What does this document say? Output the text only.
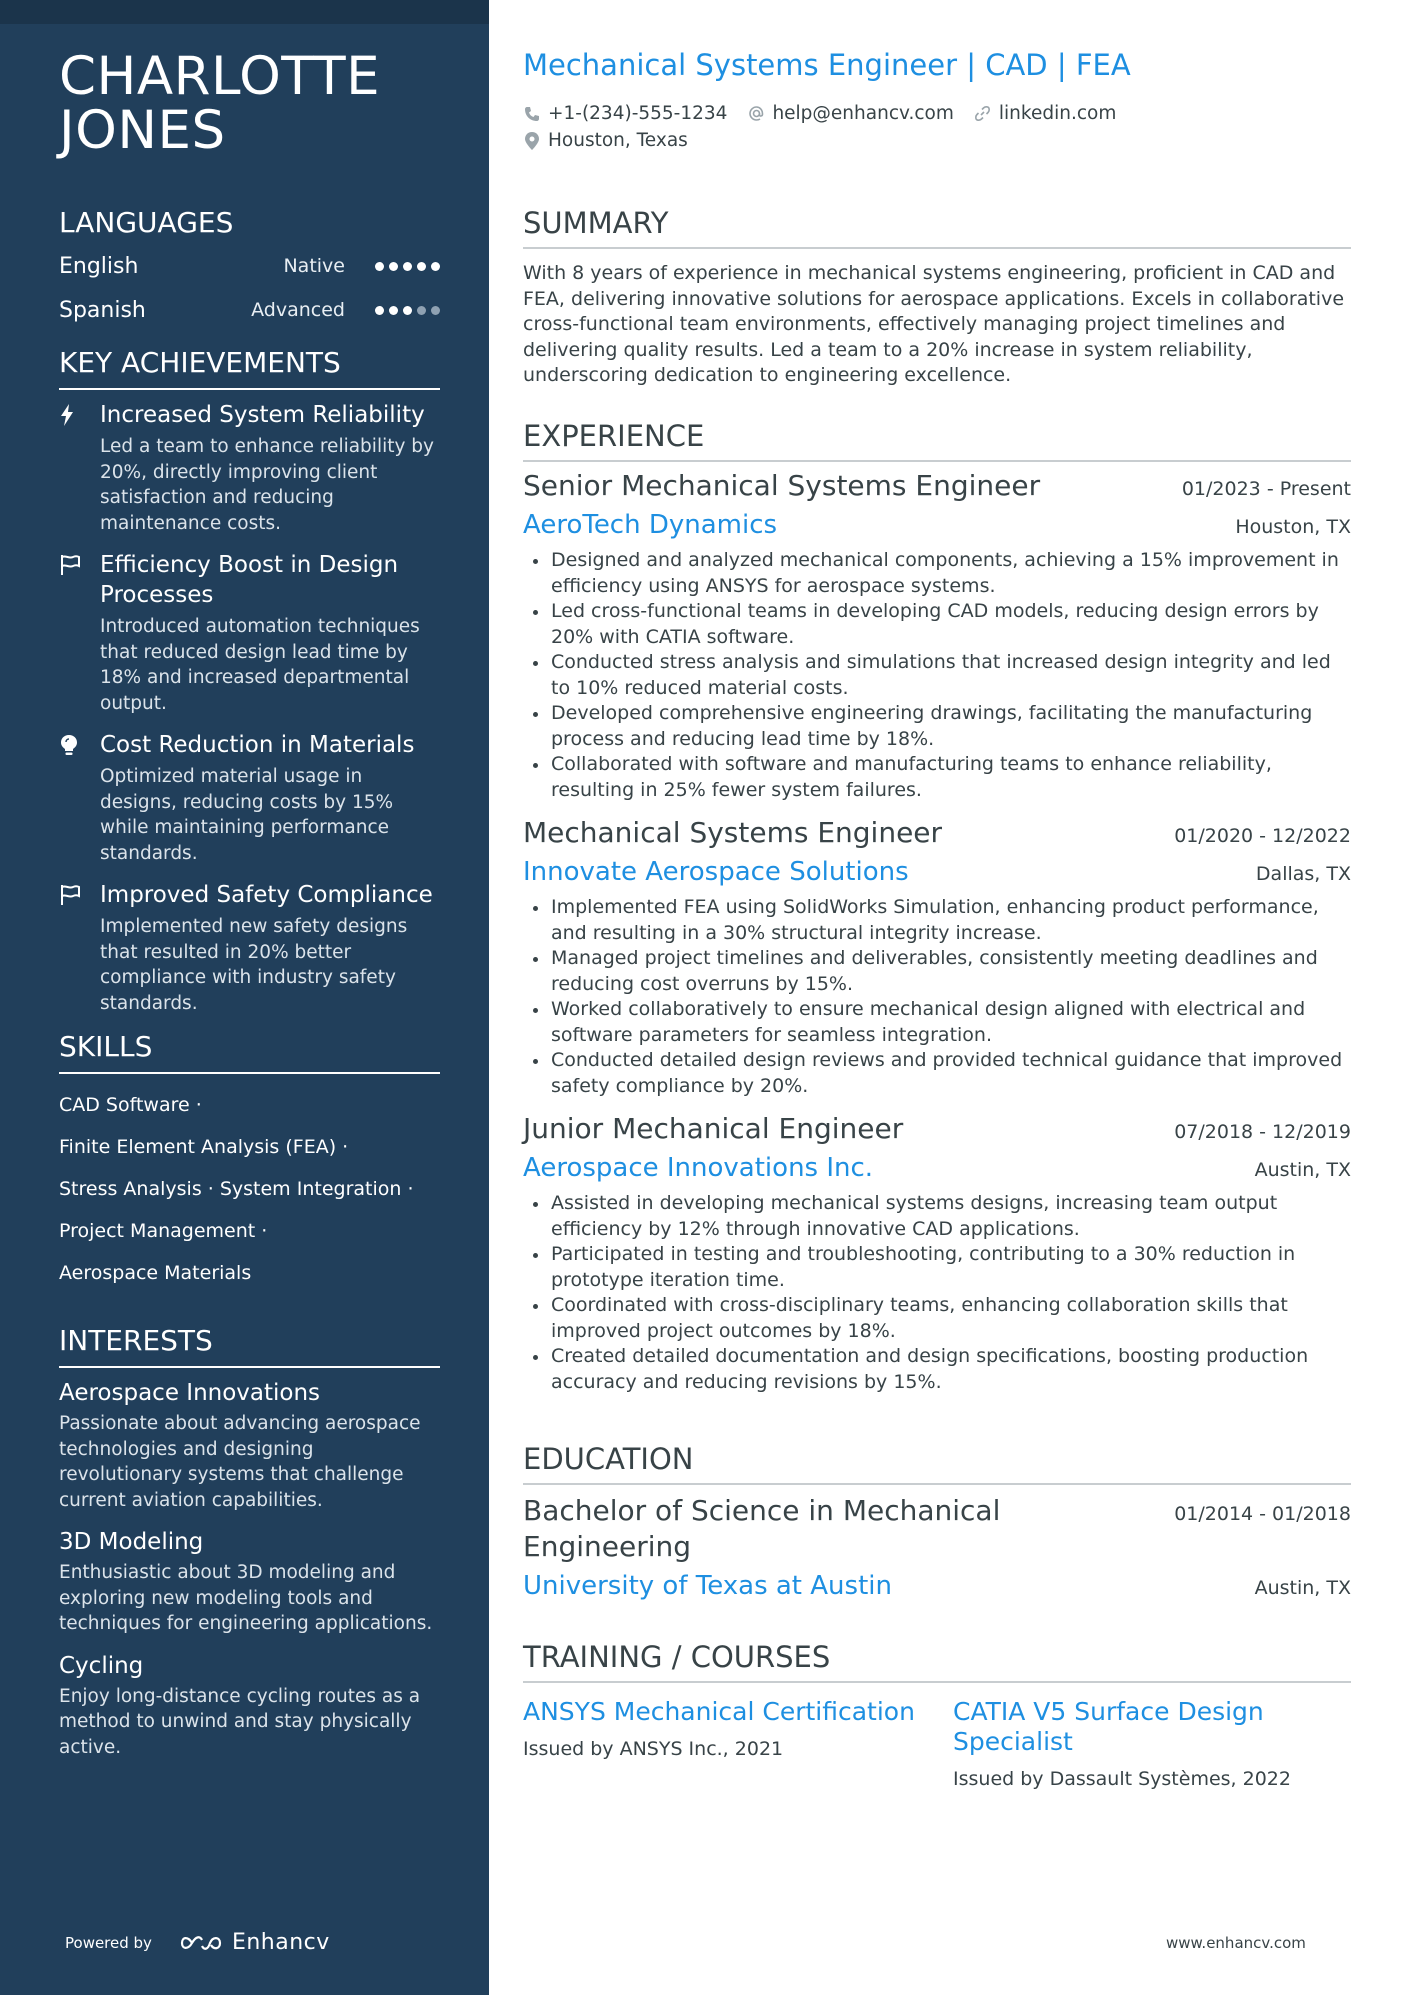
CHARLOTTE
JONES
LANGUAGES
English	Native
Spanish	Advanced
KEY ACHIEVEMENTS
Increased System Reliability
Led a team to enhance reliability by 20%, directly improving client satisfaction and reducing maintenance costs.
Efficiency Boost in Design Processes
Introduced automation techniques that reduced design lead time by 18% and increased departmental output.
Cost Reduction in Materials
Optimized material usage in designs, reducing costs by 15% while maintaining performance standards.
Improved Safety Compliance
Implemented new safety designs that resulted in 20% better compliance with industry safety standards.
SKILLS
CAD Software ·
Finite Element Analysis (FEA) ·
Stress Analysis · System Integration ·
Project Management ·
Aerospace Materials
INTERESTS
Aerospace Innovations
Passionate about advancing aerospace technologies and designing revolutionary systems that challenge current aviation capabilities.
3D Modeling
Enthusiastic about 3D modeling and exploring new modeling tools and techniques for engineering applications.
Cycling
Enjoy long-distance cycling routes as a method to unwind and stay physically active.
Powered by	Enhancv
Mechanical Systems Engineer | CAD | FEA
+1-(234)-555-1234 help@enhancv.com linkedin.com
Houston, Texas
SUMMARY
With 8 years of experience in mechanical systems engineering, proficient in CAD and FEA, delivering innovative solutions for aerospace applications. Excels in collaborative cross-functional team environments, effectively managing project timelines and delivering quality results. Led a team to a 20% increase in system reliability, underscoring dedication to engineering excellence.
EXPERIENCE
Senior Mechanical Systems Engineer	01/2023 - Present
AeroTech Dynamics	Houston, TX
Designed and analyzed mechanical components, achieving a 15% improvement in efficiency using ANSYS for aerospace systems.
Led cross-functional teams in developing CAD models, reducing design errors by 20% with CATIA software.
Conducted stress analysis and simulations that increased design integrity and led to 10% reduced material costs.
Developed comprehensive engineering drawings, facilitating the manufacturing process and reducing lead time by 18%.
Collaborated with software and manufacturing teams to enhance reliability, resulting in 25% fewer system failures.
Mechanical Systems Engineer	01/2020 - 12/2022
Innovate Aerospace Solutions	Dallas, TX
Implemented FEA using SolidWorks Simulation, enhancing product performance, and resulting in a 30% structural integrity increase.
Managed project timelines and deliverables, consistently meeting deadlines and reducing cost overruns by 15%.
Worked collaboratively to ensure mechanical design aligned with electrical and software parameters for seamless integration.
Conducted detailed design reviews and provided technical guidance that improved safety compliance by 20%.
Junior Mechanical Engineer	07/2018 - 12/2019
Aerospace Innovations Inc.	Austin, TX
Assisted in developing mechanical systems designs, increasing team output efficiency by 12% through innovative CAD applications.
Participated in testing and troubleshooting, contributing to a 30% reduction in prototype iteration time.
Coordinated with cross-disciplinary teams, enhancing collaboration skills that improved project outcomes by 18%.
Created detailed documentation and design specifications, boosting production accuracy and reducing revisions by 15%.
EDUCATION
Bachelor of Science in Mechanical
Engineering
01/2014 - 01/2018
University of Texas at Austin	Austin, TX
TRAINING / COURSES
ANSYS Mechanical Certification
Issued by ANSYS Inc., 2021
CATIA V5 Surface Design Specialist
Issued by Dassault Systèmes, 2022
www.enhancv.com
